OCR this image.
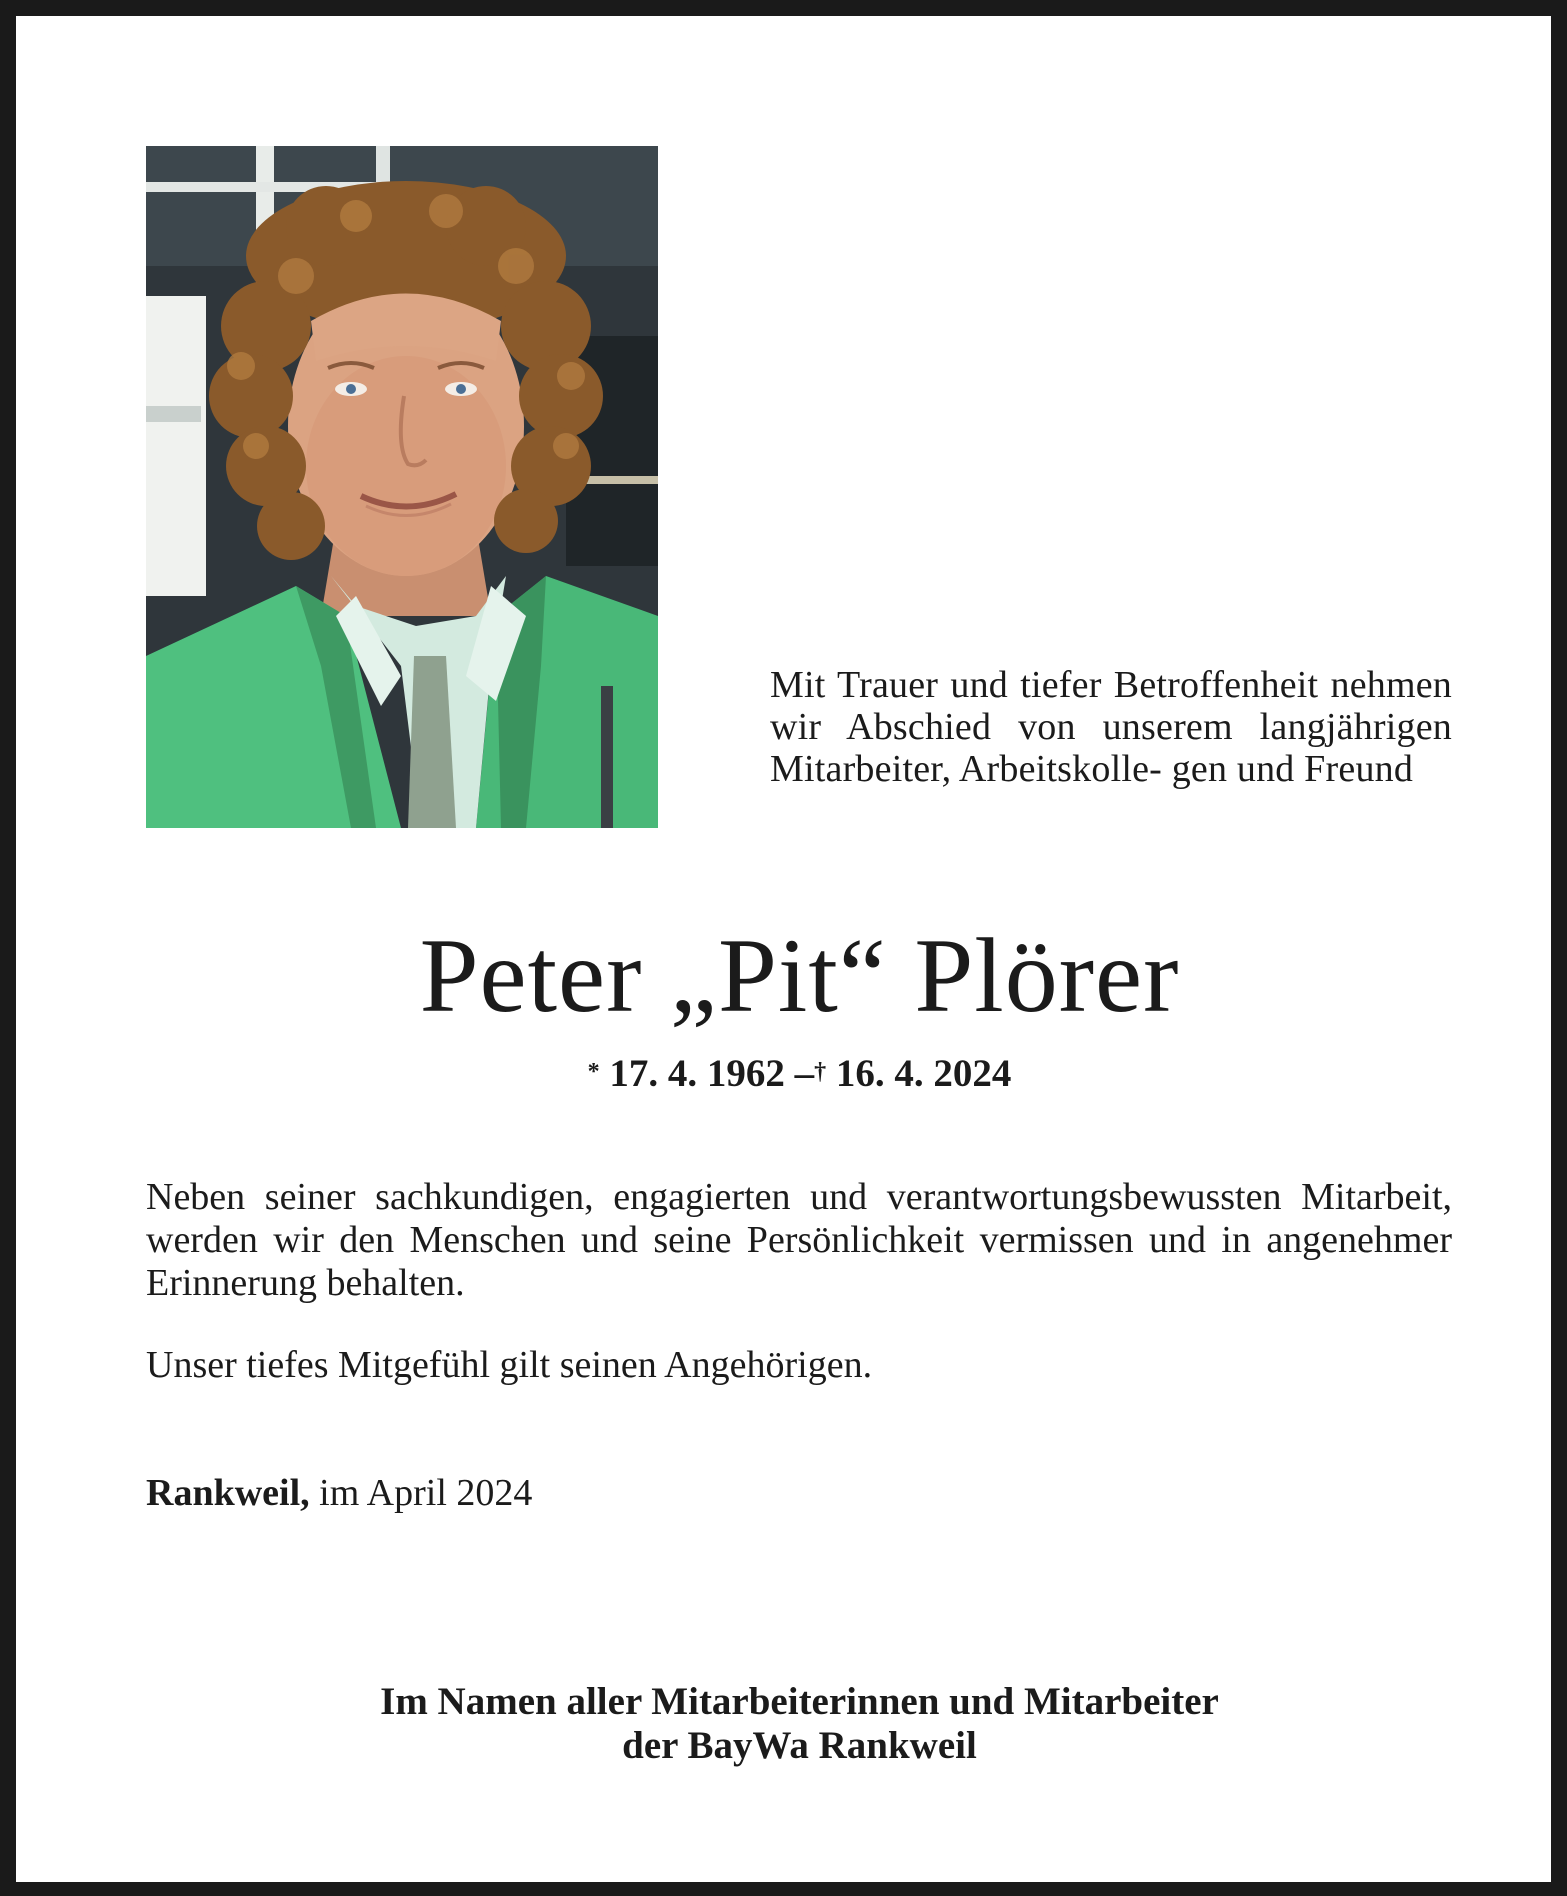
Mit Trauer und tiefer Betroffenheit nehmen wir Abschied von unserem langjährigen Mitarbeiter, Arbeitskolle- gen und Freund
Peter „Pit“ Plörer
* 17. 4. 1962 –† 16. 4. 2024
Neben seiner sachkundigen, engagierten und verantwortungsbewussten Mitarbeit, werden wir den Menschen und seine Persönlichkeit vermissen und in angenehmer Erinnerung behalten.
Unser tiefes Mitgefühl gilt seinen Angehörigen.
Rankweil, im April 2024
Im Namen aller Mitarbeiterinnen und Mitarbeiter
der BayWa Rankweil
